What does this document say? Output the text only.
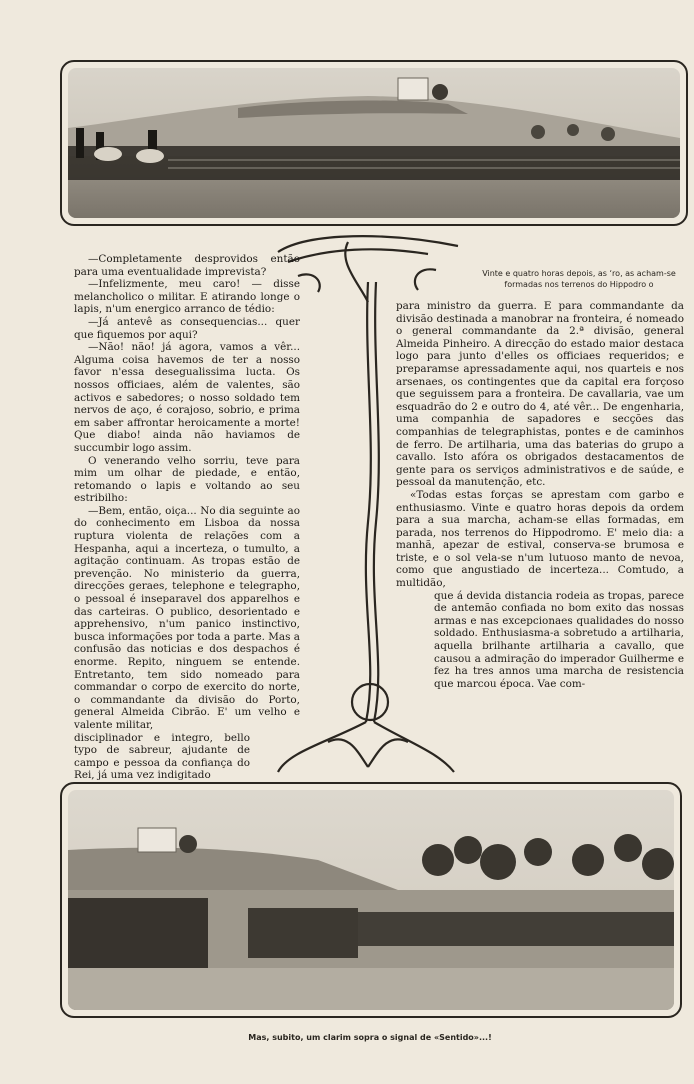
Vinte e quatro horas depois, as ‘ro, as acham-se
formadas nos terrenos do Hippodro o

—Completamente desprovidos então para uma eventualidade imprevista?

—Infelizmente, meu caro! — disse melancholico o militar. E atirando longe o lapis, n'um energico arranco de tédio:

—Já antevê as consequencias... quer que fiquemos por aqui?

—Não! não! já agora, vamos a vêr... Alguma coisa havemos de ter a nosso favor n'essa desegualissima lucta. Os nossos officiaes, além de valentes, são activos e sabedores; o nosso soldado tem nervos de aço, é corajoso, sobrio, e prima em saber affrontar heroicamente a morte! Que diabo! ainda não haviamos de succumbir logo assim.

O venerando velho sorriu, teve para mim um olhar de piedade, e então, retomando o lapis e voltando ao seu estribilho:

—Bem, então, oiça... No dia seguinte ao do conhecimento em Lisboa da nossa ruptura violenta de relações com a Hespanha, aqui a incerteza, o tumulto, a agitação continuam. As tropas estão de prevenção. No ministerio da guerra, direcções geraes, telephone e telegrapho, o pessoal é inseparavel dos apparelhos e das carteiras. O publico, desorientado e apprehensivo, n'um panico instinctivo, busca informações por toda a parte. Mas a confusão das noticias e dos despachos é enorme. Repito, ninguem se entende. Entretanto, tem sido nomeado para commandar o corpo de exercito do norte, o commandante da divisão do Porto, general Almeida Cibrão. E' um velho e valente militar,

disciplinador e integro, bello typo de sabreur, ajudante de campo e pessoa da confiança do Rei, já uma vez indigitado

para ministro da guerra. E para commandante da divisão destinada a manobrar na fronteira, é nomeado o general commandante da 2.ª divisão, general Almeida Pinheiro. A direcção do estado maior destaca logo para junto d'elles os officiaes requeridos; e preparamse apressadamente aqui, nos quarteis e nos arsenaes, os contingentes que da capital era forçoso que seguissem para a fronteira. De cavallaria, vae um esquadrão do 2 e outro do 4, até vêr... De engenharia, uma companhia de sapadores e secções das companhias de telegraphistas, pontes e de caminhos de ferro. De artilharia, uma das baterias do grupo a cavallo. Isto afóra os obrigados destacamentos de gente para os serviços administrativos e de saúde, e pessoal da manutenção, etc.

«Todas estas forças se aprestam com garbo e enthusiasmo. Vinte e quatro horas depois da ordem para a sua marcha, acham-se ellas formadas, em parada, nos terrenos do Hippodromo. E' meio dia: a manhã, apezar de estival, conserva-se brumosa e triste, e o sol vela-se n'um lutuoso manto de nevoa, como que angustiado de incerteza... Comtudo, a multidão,

que á devida distancia rodeia as tropas, parece de antemão confiada no bom exito das nossas armas e nas excepcionaes qualidades do nosso soldado. Enthusiasma-a sobretudo a artilharia, aquella brilhante artilharia a cavallo, que causou a admiração do imperador Guilherme e fez ha tres annos uma marcha de resistencia que marcou época. Vae com-

Mas, subito, um clarim sopra o signal de «Sentido»...!
